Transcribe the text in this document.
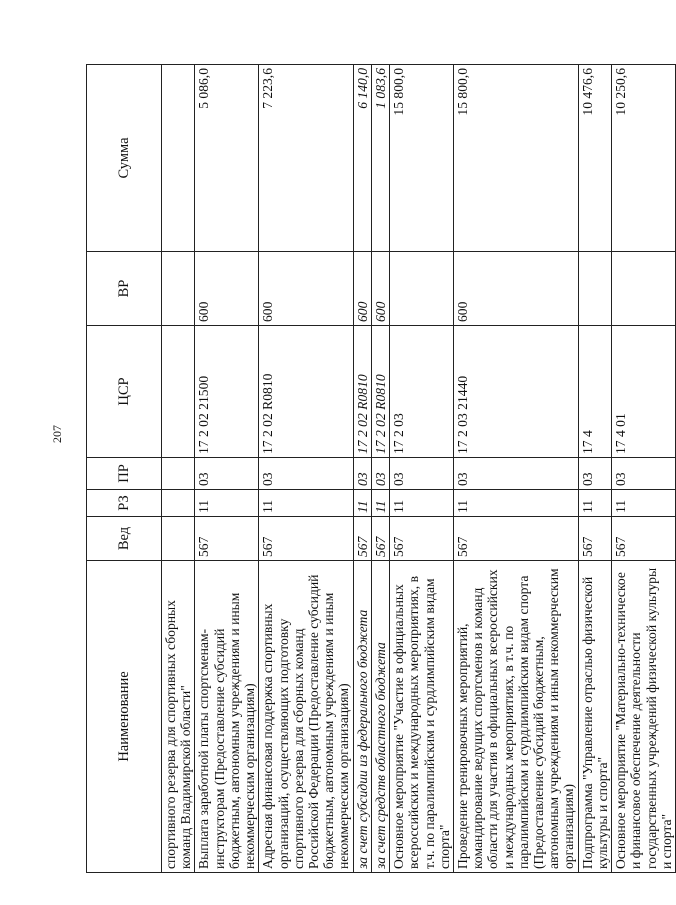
207
Наименование	Вед	РЗ	ПР	ЦСР	ВР	Сумма
спортивного резерва для спортивных сборных команд Владимирской области"						
Выплата заработной платы спортсменам-инструкторам (Предоставление субсидий бюджетным, автономным учреждениям и иным некоммерческим организациям)	567	11	03	17 2 02 21500	600	5 086,0
Адресная финансовая поддержка спортивных организаций, осуществляющих подготовку спортивного резерва для сборных команд Российской Федерации (Предоставление субсидий бюджетным, автономным учреждениям и иным некоммерческим организациям)	567	11	03	17 2 02 R0810	600	7 223,6
за счет субсидии из федерального бюджета	567	11	03	17 2 02 R0810	600	6 140,0
за счет средств областного бюджета	567	11	03	17 2 02 R0810	600	1 083,6
Основное мероприятие "Участие в официальных всероссийских и международных мероприятиях, в т.ч. по паралимпийским и сурдлимпийским видам спорта"	567	11	03	17 2 03		15 800,0
Проведение тренировочных мероприятий, командирование ведущих спортсменов и команд области для участия в официальных всероссийских и международных мероприятиях, в т.ч. по паралимпийским и сурдлимпийским видам спорта (Предоставление субсидий бюджетным, автономным учреждениям и иным некоммерческим организациям)	567	11	03	17 2 03 21440	600	15 800,0
Подпрограмма "Управление отраслью физической культуры и спорта"	567	11	03	17 4		10 476,6
Основное мероприятие "Материально-техническое и финансовое обеспечение деятельности государственных учреждений физической культуры и спорта"	567	11	03	17 4 01		10 250,6
